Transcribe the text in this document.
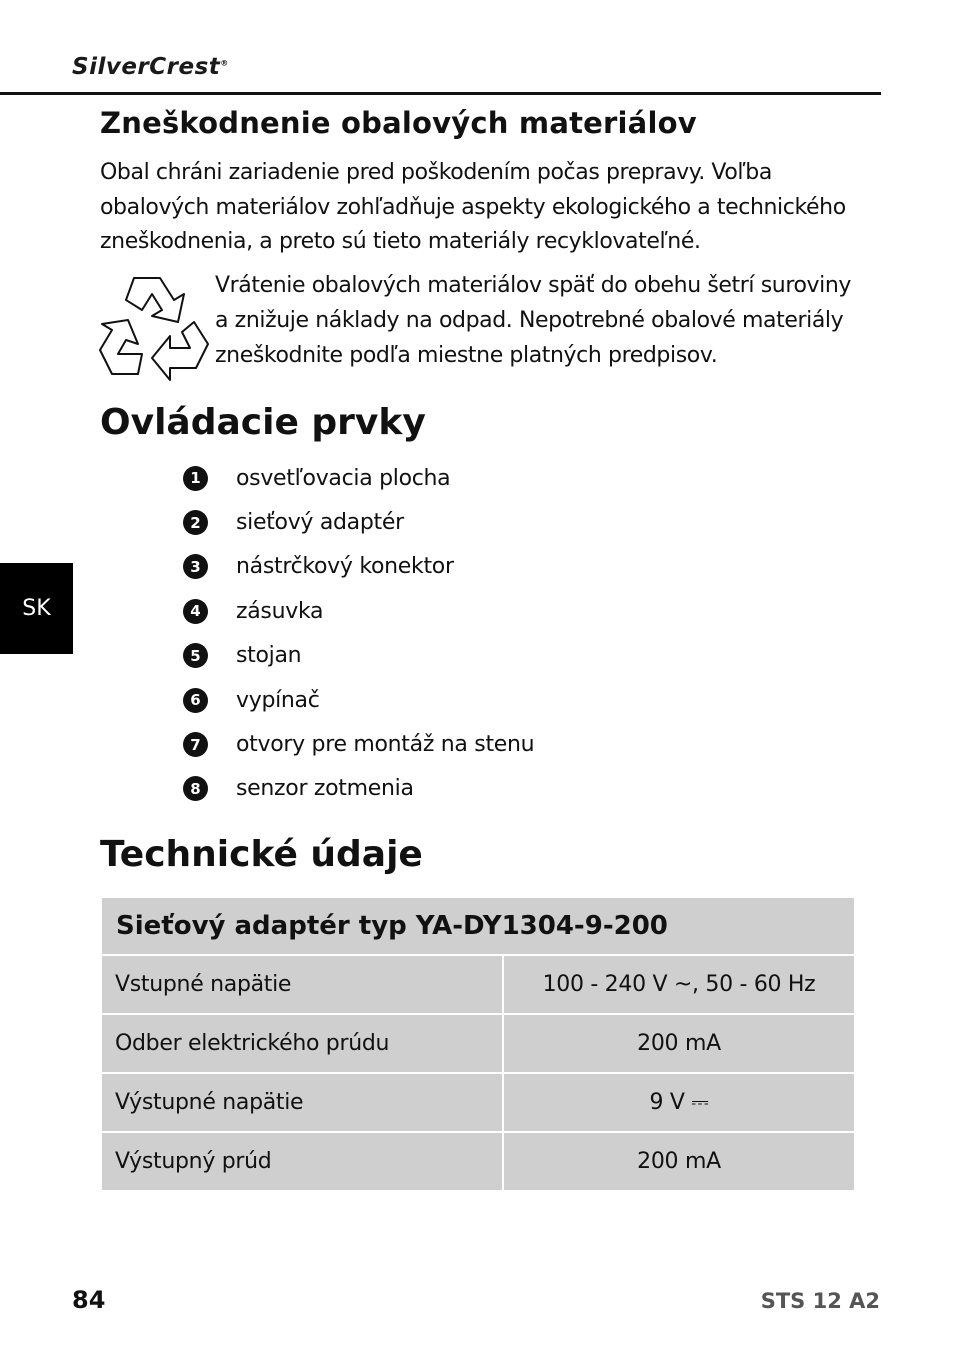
SilverCrest®
Zneškodnenie obalových materiálov
Obal chráni zariadenie pred poškodením počas prepravy. Voľba obalových materiálov zohľadňuje aspekty ekologického a technického zneškodnenia, a preto sú tieto materiály recyklovateľné.
Vrátenie obalových materiálov späť do obehu šetrí suroviny a znižuje náklady na odpad. Nepotrebné obalové materiály zneškodnite podľa miestne platných predpisov.
Ovládacie prvky
1	osvetľovacia plocha
2	sieťový adaptér
3	nástrčkový konektor
4	zásuvka
5	stojan
6	vypínač
7	otvory pre montáž na stenu
8	senzor zotmenia
SK
Technické údaje
Sieťový adaptér typ YA-DY1304-9-200	
Vstupné napätie	100 - 240 V ~, 50 - 60 Hz
Odber elektrického prúdu	200 mA
Výstupné napätie	9 V ⎓
Výstupný prúd	200 mA
84	STS 12 A2
